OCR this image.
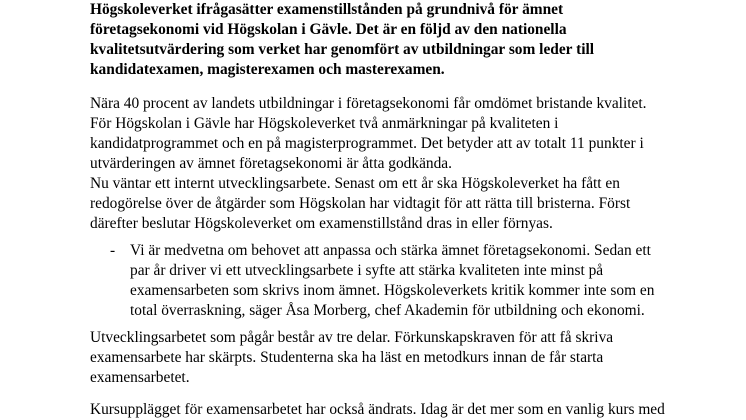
Högskoleverket ifrågasätter examenstillstånden på grundnivå för ämnet
företagsekonomi vid Högskolan i Gävle. Det är en följd av den nationella
kvalitetsutvärdering som verket har genomfört av utbildningar som leder till
kandidatexamen, magisterexamen och masterexamen.

Nära 40 procent av landets utbildningar i företagsekonomi får omdömet bristande kvalitet.
För Högskolan i Gävle har Högskoleverket två anmärkningar på kvaliteten i
kandidatprogrammet och en på magisterprogrammet. Det betyder att av totalt 11 punkter i
utvärderingen av ämnet företagsekonomi är åtta godkända.

Nu väntar ett internt utvecklingsarbete. Senast om ett år ska Högskoleverket ha fått en
redogörelse över de åtgärder som Högskolan har vidtagit för att rätta till bristerna. Först
därefter beslutar Högskoleverket om examenstillstånd dras in eller förnyas.

- Vi är medvetna om behovet att anpassa och stärka ämnet företagsekonomi. Sedan ett
par år driver vi ett utvecklingsarbete i syfte att stärka kvaliteten inte minst på
examensarbeten som skrivs inom ämnet. Högskoleverkets kritik kommer inte som en
total överraskning, säger Åsa Morberg, chef Akademin för utbildning och ekonomi.

Utvecklingsarbetet som pågår består av tre delar. Förkunskapskraven för att få skriva
examensarbete har skärpts. Studenterna ska ha läst en metodkurs innan de får starta
examensarbetet.

Kursupplägget för examensarbetet har också ändrats. Idag är det mer som en vanlig kurs med
